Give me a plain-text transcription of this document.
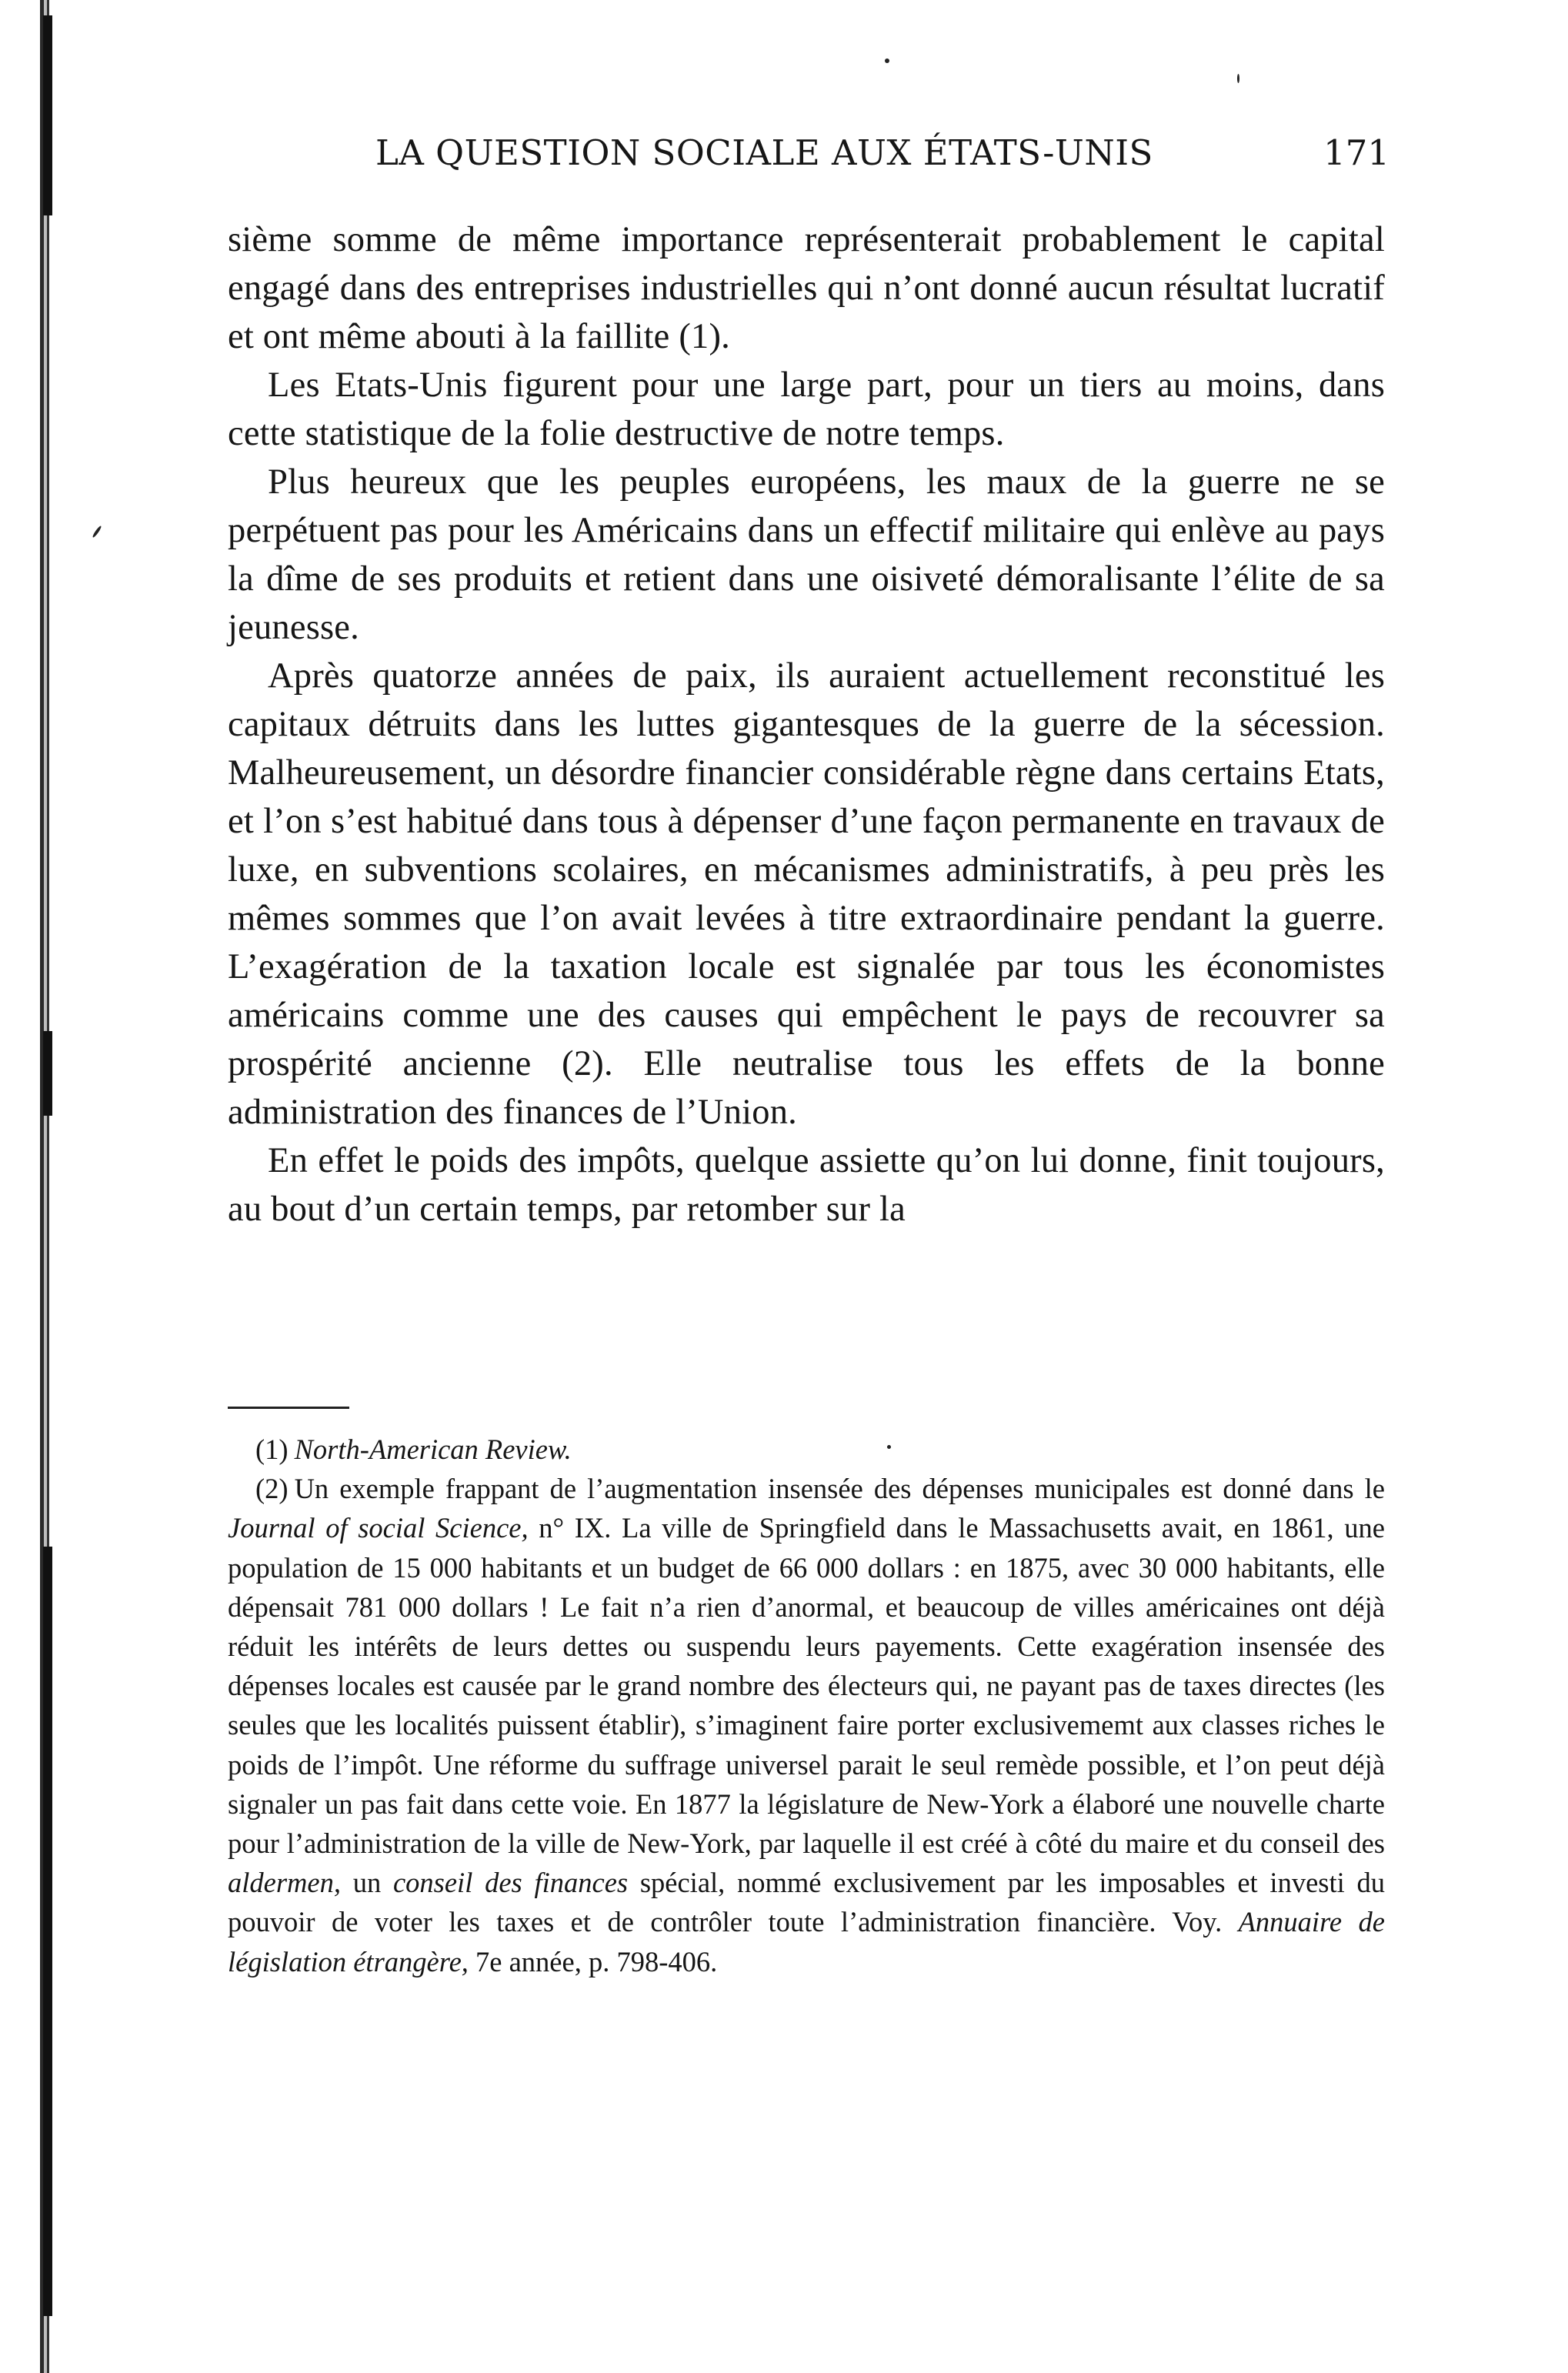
LA QUESTION SOCIALE AUX ÉTATS-UNIS	171

sième somme de même importance représenterait probablement le capital engagé dans des entreprises industrielles qui n’ont donné aucun résultat lucratif et ont même abouti à la faillite (1).

Les Etats-Unis figurent pour une large part, pour un tiers au moins, dans cette statistique de la folie destructive de notre temps.

Plus heureux que les peuples européens, les maux de la guerre ne se perpétuent pas pour les Américains dans un effectif militaire qui enlève au pays la dîme de ses produits et retient dans une oisiveté démoralisante l’élite de sa jeunesse.

Après quatorze années de paix, ils auraient actuellement reconstitué les capitaux détruits dans les luttes gigantesques de la guerre de la sécession. Malheureusement, un désordre financier considérable règne dans certains Etats, et l’on s’est habitué dans tous à dépenser d’une façon permanente en travaux de luxe, en subventions scolaires, en mécanismes administratifs, à peu près les mêmes sommes que l’on avait levées à titre extraordinaire pendant la guerre. L’exagération de la taxation locale est signalée par tous les économistes américains comme une des causes qui empêchent le pays de recouvrer sa prospérité ancienne (2). Elle neutralise tous les effets de la bonne administration des finances de l’Union.

En effet le poids des impôts, quelque assiette qu’on lui donne, finit toujours, au bout d’un certain temps, par retomber sur la

(1) North-American Review.

(2) Un exemple frappant de l’augmentation insensée des dépenses municipales est donné dans le Journal of social Science, n° IX. La ville de Springfield dans le Massachusetts avait, en 1861, une population de 15 000 habitants et un budget de 66 000 dollars : en 1875, avec 30 000 habitants, elle dépensait 781 000 dollars ! Le fait n’a rien d’anormal, et beaucoup de villes américaines ont déjà réduit les intérêts de leurs dettes ou suspendu leurs payements. Cette exagération insensée des dépenses locales est causée par le grand nombre des électeurs qui, ne payant pas de taxes directes (les seules que les localités puissent établir), s’imaginent faire porter exclusivememt aux classes riches le poids de l’impôt. Une réforme du suffrage universel parait le seul remède possible, et l’on peut déjà signaler un pas fait dans cette voie. En 1877 la législature de New-York a élaboré une nouvelle charte pour l’administration de la ville de New-York, par laquelle il est créé à côté du maire et du conseil des aldermen, un conseil des finances spécial, nommé exclusivement par les imposables et investi du pouvoir de voter les taxes et de contrôler toute l’administration financière. Voy. Annuaire de législation étrangère, 7e année, p. 798-406.
